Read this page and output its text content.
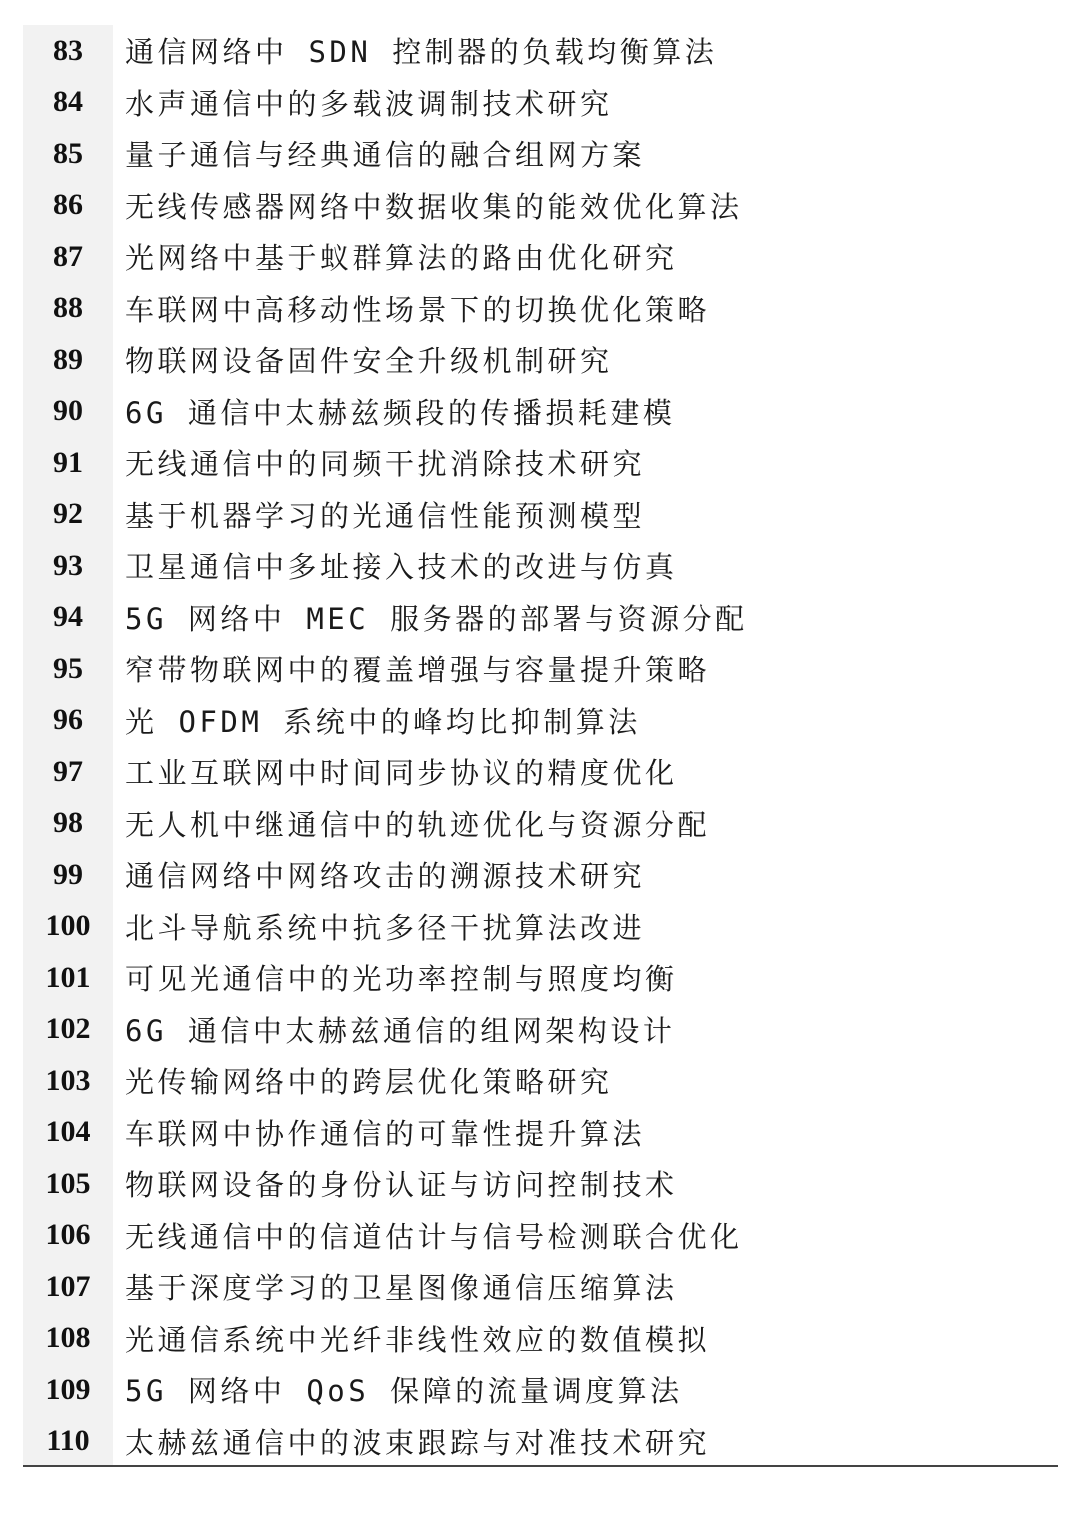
83	通信网络中 SDN 控制器的负载均衡算法
84	水声通信中的多载波调制技术研究
85	量子通信与经典通信的融合组网方案
86	无线传感器网络中数据收集的能效优化算法
87	光网络中基于蚁群算法的路由优化研究
88	车联网中高移动性场景下的切换优化策略
89	物联网设备固件安全升级机制研究
90	6G 通信中太赫兹频段的传播损耗建模
91	无线通信中的同频干扰消除技术研究
92	基于机器学习的光通信性能预测模型
93	卫星通信中多址接入技术的改进与仿真
94	5G 网络中 MEC 服务器的部署与资源分配
95	窄带物联网中的覆盖增强与容量提升策略
96	光 OFDM 系统中的峰均比抑制算法
97	工业互联网中时间同步协议的精度优化
98	无人机中继通信中的轨迹优化与资源分配
99	通信网络中网络攻击的溯源技术研究
100	北斗导航系统中抗多径干扰算法改进
101	可见光通信中的光功率控制与照度均衡
102	6G 通信中太赫兹通信的组网架构设计
103	光传输网络中的跨层优化策略研究
104	车联网中协作通信的可靠性提升算法
105	物联网设备的身份认证与访问控制技术
106	无线通信中的信道估计与信号检测联合优化
107	基于深度学习的卫星图像通信压缩算法
108	光通信系统中光纤非线性效应的数值模拟
109	5G 网络中 QoS 保障的流量调度算法
110	太赫兹通信中的波束跟踪与对准技术研究
